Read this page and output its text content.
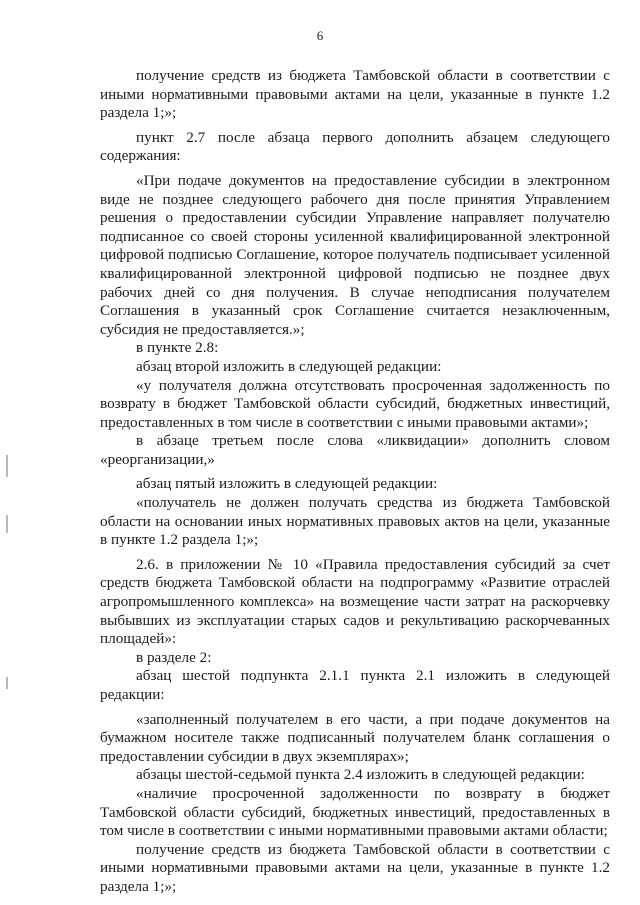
6

получение средств из бюджета Тамбовской области в соответствии с иными нормативными правовыми актами на цели, указанные в пункте 1.2 раздела 1;»;

пункт 2.7 после абзаца первого дополнить абзацем следующего содержания:

«При подаче документов на предоставление субсидии в электронном виде не позднее следующего рабочего дня после принятия Управлением решения о предоставлении субсидии Управление направляет получателю подписанное со своей стороны усиленной квалифицированной электронной цифровой подписью Соглашение, которое получатель подписывает усиленной квалифицированной электронной цифровой подписью не позднее двух рабочих дней со дня получения. В случае неподписания получателем Соглашения в указанный срок Соглашение считается незаключенным, субсидия не предоставляется.»;

в пункте 2.8:

абзац второй изложить в следующей редакции:

«у получателя должна отсутствовать просроченная задолженность по возврату в бюджет Тамбовской области субсидий, бюджетных инвестиций, предоставленных в том числе в соответствии с иными правовыми актами»;

в абзаце третьем после слова «ликвидации» дополнить словом «реорганизации,»

абзац пятый изложить в следующей редакции:

«получатель не должен получать средства из бюджета Тамбовской области на основании иных нормативных правовых актов на цели, указанные в пункте 1.2 раздела 1;»;

2.6. в приложении № 10 «Правила предоставления субсидий за счет средств бюджета Тамбовской области на подпрограмму «Развитие отраслей агропромышленного комплекса» на возмещение части затрат на раскорчевку выбывших из эксплуатации старых садов и рекультивацию раскорчеванных площадей»:

в разделе 2:

абзац шестой подпункта 2.1.1 пункта 2.1 изложить в следующей редакции:

«заполненный получателем в его части, а при подаче документов на бумажном носителе также подписанный получателем бланк соглашения о предоставлении субсидии в двух экземплярах»;

абзацы шестой-седьмой пункта 2.4 изложить в следующей редакции:

«наличие просроченной задолженности по возврату в бюджет Тамбовской области субсидий, бюджетных инвестиций, предоставленных в том числе в соответствии с иными нормативными правовыми актами области;

получение средств из бюджета Тамбовской области в соответствии с иными нормативными правовыми актами на цели, указанные в пункте 1.2 раздела 1;»;
